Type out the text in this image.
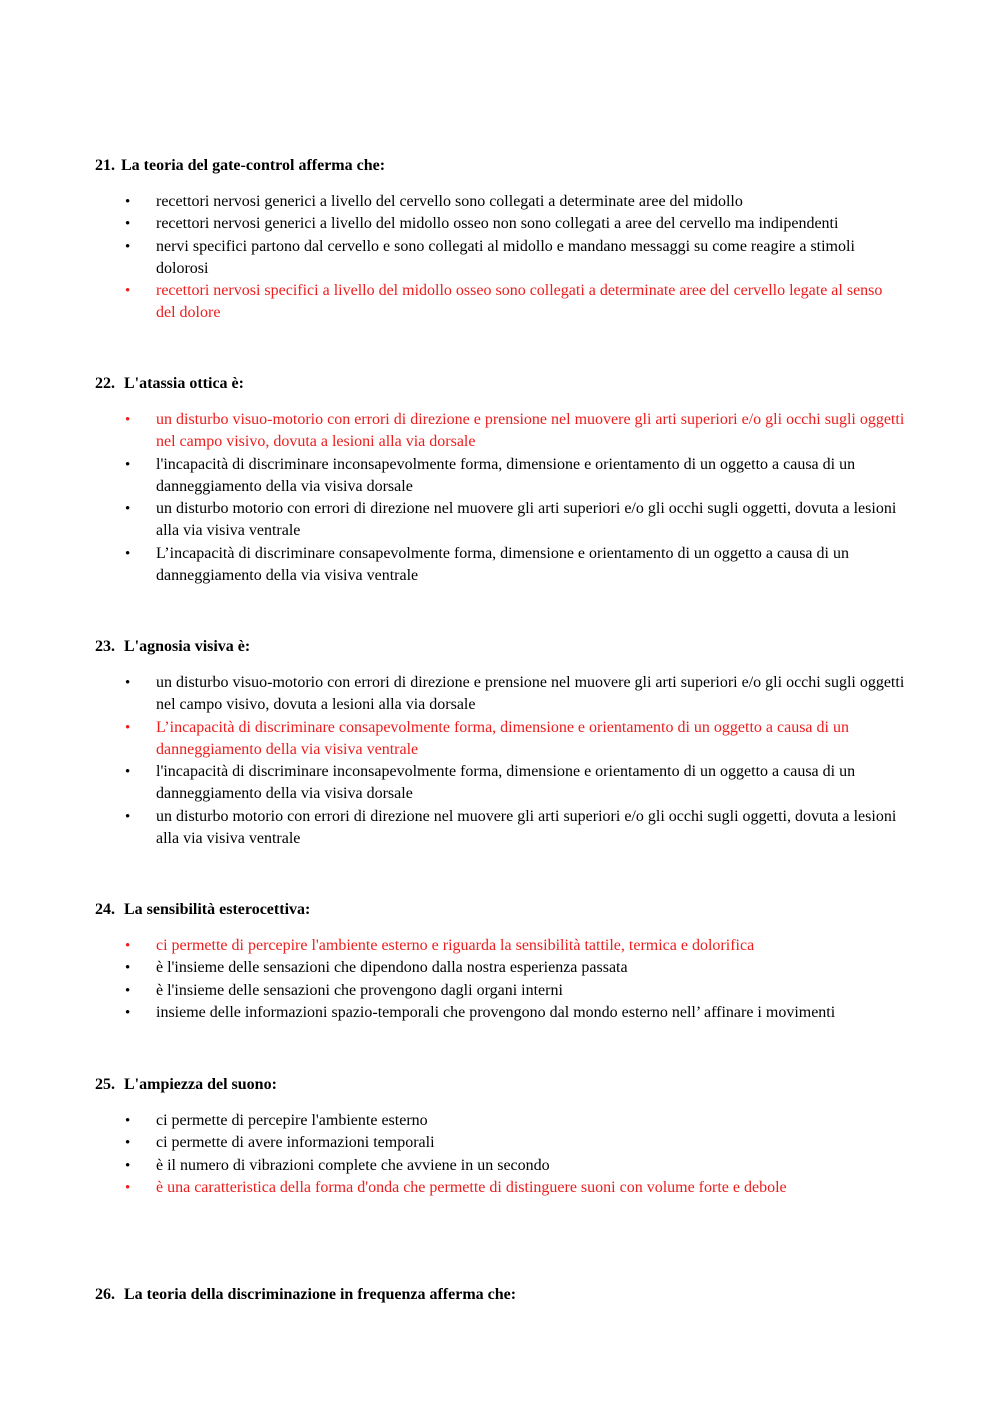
21. La teoria del gate-control afferma che:

• recettori nervosi generici a livello del cervello sono collegati a determinate aree del midollo
• recettori nervosi generici a livello del midollo osseo non sono collegati a aree del cervello ma indipendenti
• nervi specifici partono dal cervello e sono collegati al midollo e mandano messaggi su come reagire a stimoli dolorosi
• recettori nervosi specifici a livello del midollo osseo sono collegati a determinate aree del cervello legate al senso del dolore

22. L'atassia ottica è:

• un disturbo visuo-motorio con errori di direzione e prensione nel muovere gli arti superiori e/o gli occhi sugli oggetti nel campo visivo, dovuta a lesioni alla via dorsale
• l'incapacità di discriminare inconsapevolmente forma, dimensione e orientamento di un oggetto a causa di un danneggiamento della via visiva dorsale
• un disturbo motorio con errori di direzione nel muovere gli arti superiori e/o gli occhi sugli oggetti, dovuta a lesioni alla via visiva ventrale
• L’incapacità di discriminare consapevolmente forma, dimensione e orientamento di un oggetto a causa di un danneggiamento della via visiva ventrale

23. L'agnosia visiva è:

• un disturbo visuo-motorio con errori di direzione e prensione nel muovere gli arti superiori e/o gli occhi sugli oggetti nel campo visivo, dovuta a lesioni alla via dorsale
• L’incapacità di discriminare consapevolmente forma, dimensione e orientamento di un oggetto a causa di un danneggiamento della via visiva ventrale
• l'incapacità di discriminare inconsapevolmente forma, dimensione e orientamento di un oggetto a causa di un danneggiamento della via visiva dorsale
• un disturbo motorio con errori di direzione nel muovere gli arti superiori e/o gli occhi sugli oggetti, dovuta a lesioni alla via visiva ventrale

24. La sensibilità esterocettiva:

• ci permette di percepire l'ambiente esterno e riguarda la sensibilità tattile, termica e dolorifica
• è l'insieme delle sensazioni che dipendono dalla nostra esperienza passata
• è l'insieme delle sensazioni che provengono dagli organi interni
• insieme delle informazioni spazio-temporali che provengono dal mondo esterno nell’ affinare i movimenti

25. L'ampiezza del suono:

• ci permette di percepire l'ambiente esterno
• ci permette di avere informazioni temporali
• è il numero di vibrazioni complete che avviene in un secondo
• è una caratteristica della forma d'onda che permette di distinguere suoni con volume forte e debole

26. La teoria della discriminazione in frequenza afferma che:
